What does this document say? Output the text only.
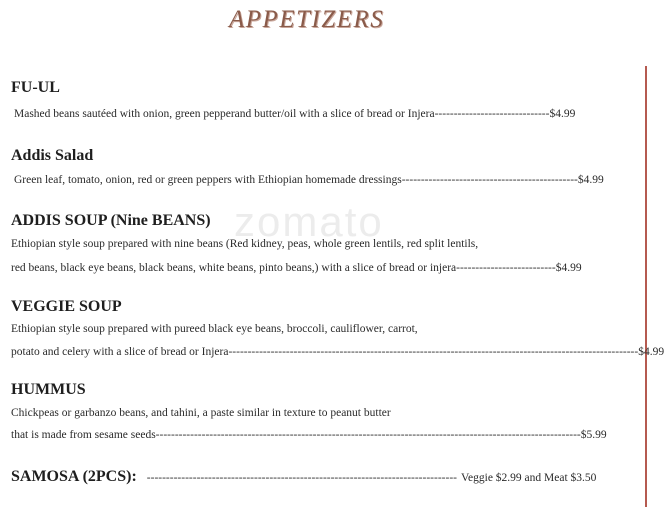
APPETIZERS
zomato
FU-UL
Mashed beans sautéed with onion, green pepperand butter/oil with a slice of bread or Injera ------------------------------ $4.99
Addis Salad
Green leaf, tomato, onion, red or green peppers with Ethiopian homemade dressings ---------------------------------------------- $4.99
ADDIS SOUP (Nine BEANS)
Ethiopian style soup prepared with nine beans (Red kidney, peas, whole green lentils, red split lentils,
red beans, black eye beans, black beans, white beans, pinto beans,) with a slice of bread or injera -------------------------- $4.99
VEGGIE SOUP
Ethiopian style soup prepared with pureed black eye beans, broccoli, cauliflower, carrot,
potato and celery with a slice of bread or Injera ----------------------------------------------------------------------------------------------------------- $4.99
HUMMUS
Chickpeas or garbanzo beans, and tahini, a paste similar in texture to peanut butter
that is made from sesame seeds --------------------------------------------------------------------------------------------------------------- $5.99
SAMOSA (2PCS): --------------------------------------------------------------------------------- Veggie $2.99 and Meat $3.50
